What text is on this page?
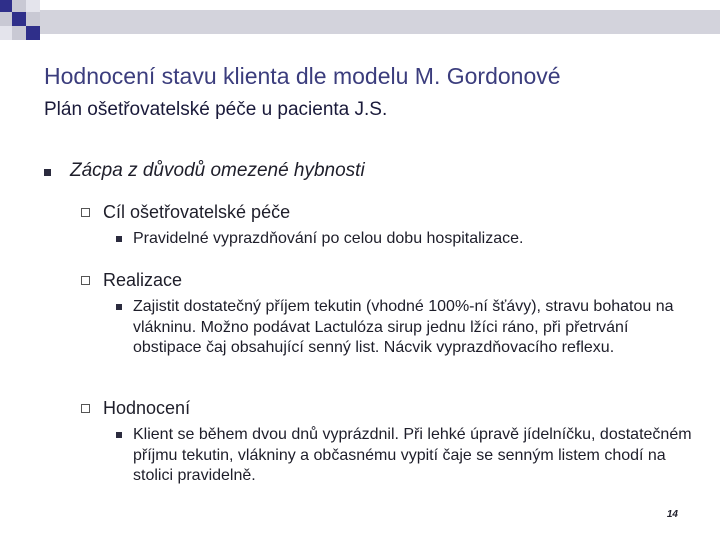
Hodnocení stavu klienta dle modelu M. Gordonové
Plán ošetřovatelské péče u pacienta J.S.
Zácpa z důvodů omezené hybnosti
Cíl ošetřovatelské péče
Pravidelné vyprazdňování po celou dobu hospitalizace.
Realizace
Zajistit dostatečný příjem tekutin (vhodné 100%-ní šťávy), stravu bohatou na vlákninu. Možno podávat Lactulóza sirup jednu lžíci ráno, při přetrvání obstipace čaj obsahující senný list. Nácvik vyprazdňovacího reflexu.
Hodnocení
Klient se během dvou dnů vyprázdnil. Při lehké úpravě jídelníčku, dostatečném příjmu tekutin, vlákniny a občasnému vypití čaje se senným listem chodí na stolici pravidelně.
14
